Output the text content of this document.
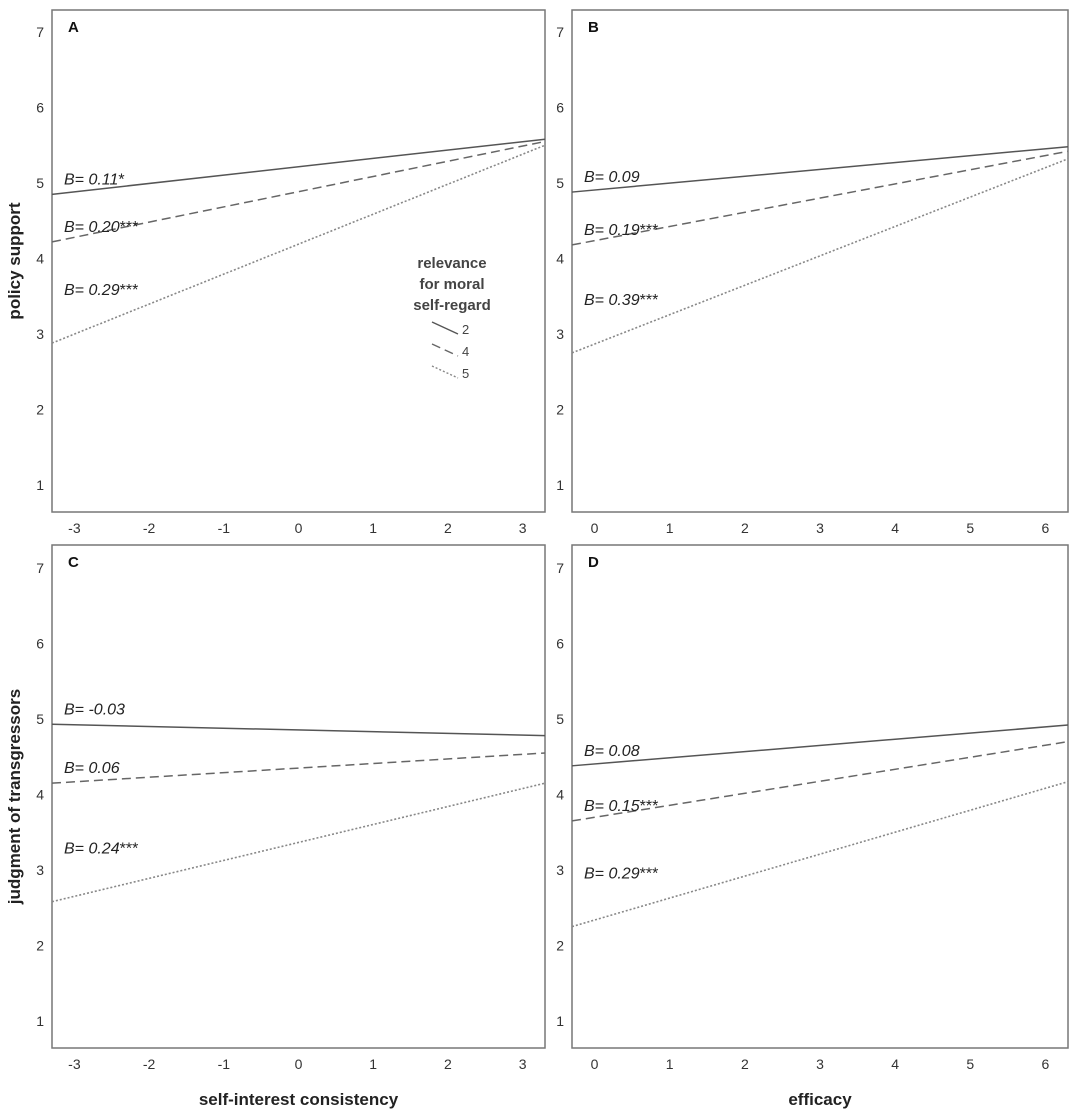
A
1
2
3
4
5
6
7
-3	-2	-1	0	1	2	3
B= 0.11*
B= 0.20***
B= 0.29***
policy support	relevance
for moral
self-regard
2
4
5
B
1
2
3
4
5
6
7
0	1	2	3	4	5	6
B= 0.09
B= 0.19***
B= 0.39***
C
1
2
3
4
5
6
7
-3	-2	-1	0	1	2	3
B= -0.03
B= 0.06
B= 0.24***
judgment of transgressors
self-interest consistency
D
1
2
3
4
5
6
7
0	1	2	3	4	5	6
B= 0.08
B= 0.15***
B= 0.29***
efficacy
